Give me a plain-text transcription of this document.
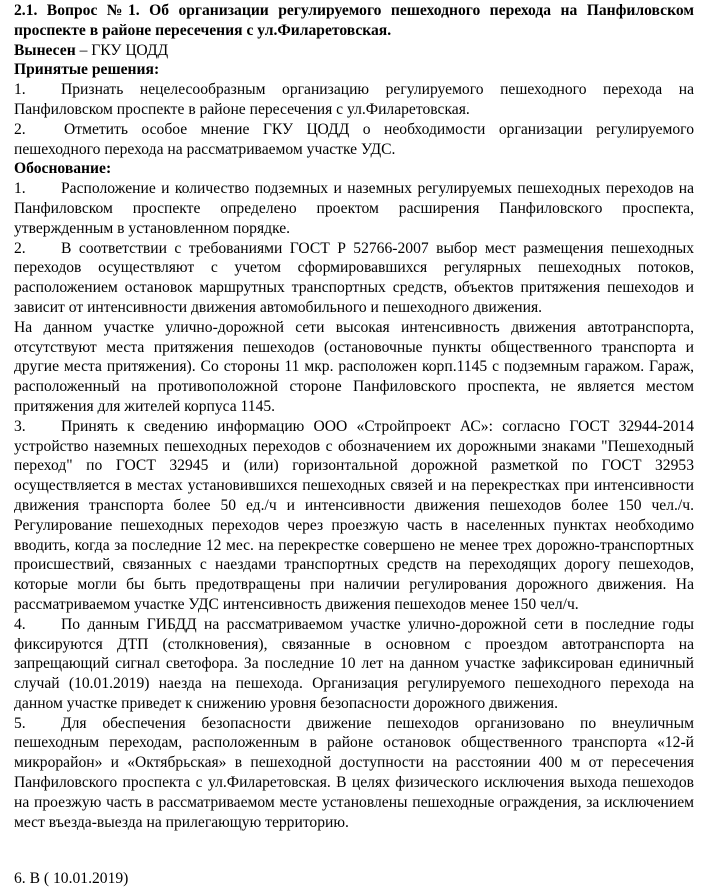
2.1. Вопрос №1. Об организации регулируемого пешеходного перехода на Панфиловском проспекте в районе пересечения с ул.Филаретовская.

Вынесен – ГКУ ЦОДД

Принятые решения:

1. Признать нецелесообразным организацию регулируемого пешеходного перехода на Панфиловском проспекте в районе пересечения с ул.Филаретовская.

2. Отметить особое мнение ГКУ ЦОДД о необходимости организации регулируемого пешеходного перехода на рассматриваемом участке УДС.

Обоснование:

1. Расположение и количество подземных и наземных регулируемых пешеходных переходов на Панфиловском проспекте определено проектом расширения Панфиловского проспекта, утвержденным в установленном порядке.

2. В соответствии с требованиями ГОСТ Р 52766-2007 выбор мест размещения пешеходных переходов осуществляют с учетом сформировавшихся регулярных пешеходных потоков, расположением остановок маршрутных транспортных средств, объектов притяжения пешеходов и зависит от интенсивности движения автомобильного и пешеходного движения.

На данном участке улично-дорожной сети высокая интенсивность движения автотранспорта, отсутствуют места притяжения пешеходов (остановочные пункты общественного транспорта и другие места притяжения). Со стороны 11 мкр. расположен корп.1145 с подземным гаражом. Гараж, расположенный на противоположной стороне Панфиловского проспекта, не является местом притяжения для жителей корпуса 1145.

3. Принять к сведению информацию ООО «Стройпроект АС»: согласно ГОСТ 32944-2014 устройство наземных пешеходных переходов с обозначением их дорожными знаками "Пешеходный переход" по ГОСТ 32945 и (или) горизонтальной дорожной разметкой по ГОСТ 32953 осуществляется в местах установившихся пешеходных связей и на перекрестках при интенсивности движения транспорта более 50 ед./ч и интенсивности движения пешеходов более 150 чел./ч. Регулирование пешеходных переходов через проезжую часть в населенных пунктах необходимо вводить, когда за последние 12 мес. на перекрестке совершено не менее трех дорожно-транспортных происшествий, связанных с наездами транспортных средств на переходящих дорогу пешеходов, которые могли бы быть предотвращены при наличии регулирования дорожного движения. На рассматриваемом участке УДС интенсивность движения пешеходов менее 150 чел/ч.

4. По данным ГИБДД на рассматриваемом участке улично-дорожной сети в последние годы фиксируются ДТП (столкновения), связанные в основном с проездом автотранспорта на запрещающий сигнал светофора. За последние 10 лет на данном участке зафиксирован единичный случай (10.01.2019) наезда на пешехода. Организация регулируемого пешеходного перехода на данном участке приведет к снижению уровня безопасности дорожного движения.

5. Для обеспечения безопасности движение пешеходов организовано по внеуличным пешеходным переходам, расположенным в районе остановок общественного транспорта «12-й микрорайон» и «Октябрьская» в пешеходной доступности на расстоянии 400 м от пересечения Панфиловского проспекта с ул.Филаретовская. В целях физического исключения выхода пешеходов на проезжую часть в рассматриваемом месте установлены пешеходные ограждения, за исключением мест въезда-выезда на прилегающую территорию.

6. В ( 10.01.2019)
